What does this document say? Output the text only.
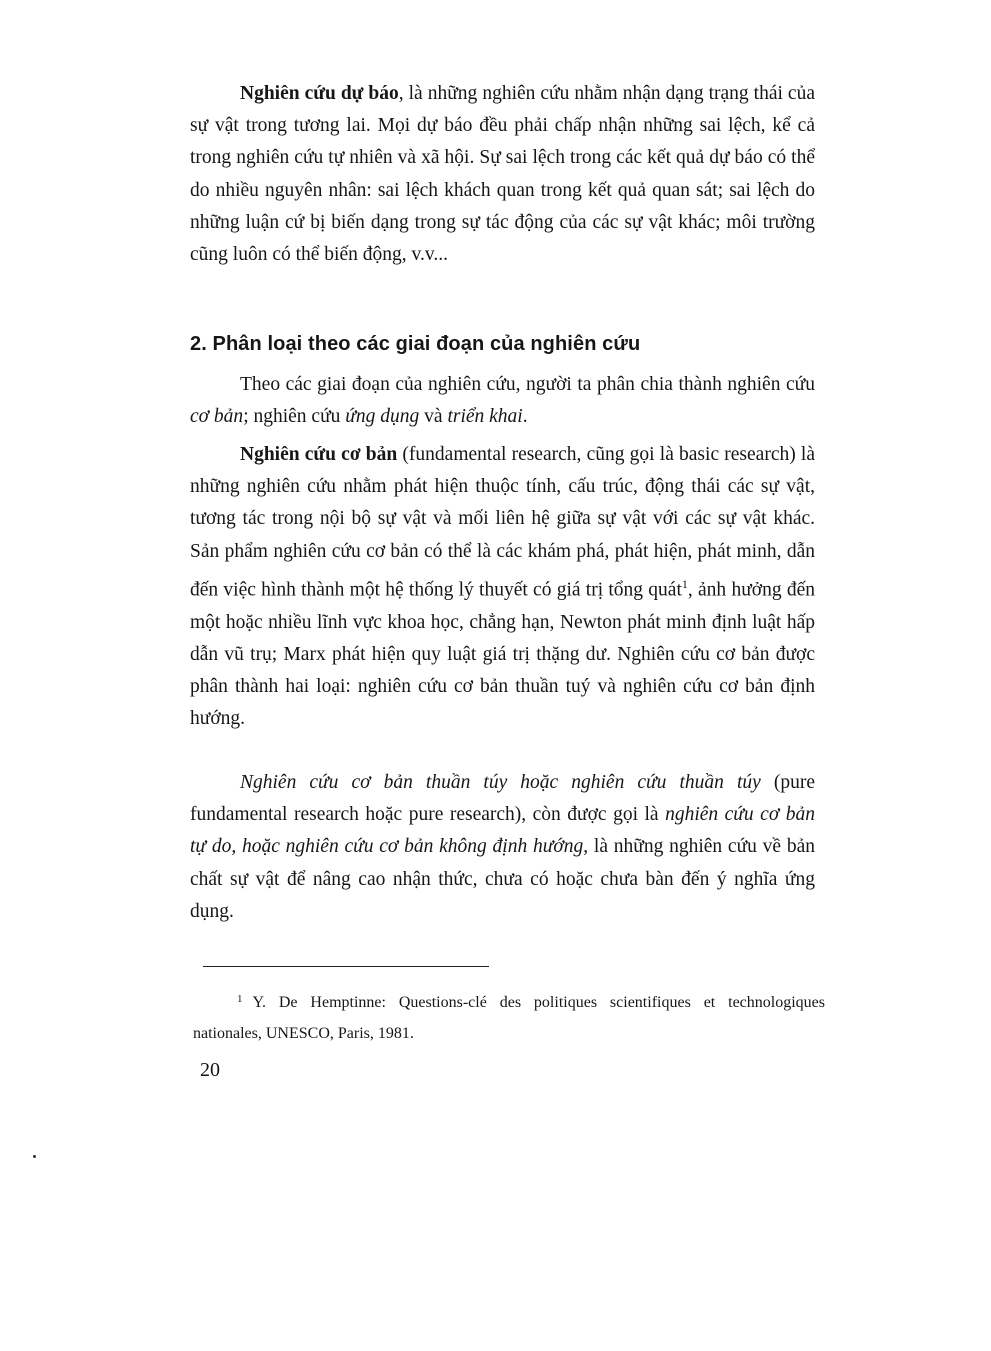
Nghiên cứu dự báo, là những nghiên cứu nhằm nhận dạng trạng thái của sự vật trong tương lai. Mọi dự báo đều phải chấp nhận những sai lệch, kể cả trong nghiên cứu tự nhiên và xã hội. Sự sai lệch trong các kết quả dự báo có thể do nhiều nguyên nhân: sai lệch khách quan trong kết quả quan sát; sai lệch do những luận cứ bị biến dạng trong sự tác động của các sự vật khác; môi trường cũng luôn có thể biến động, v.v...

2. Phân loại theo các giai đoạn của nghiên cứu

Theo các giai đoạn của nghiên cứu, người ta phân chia thành nghiên cứu cơ bản; nghiên cứu ứng dụng và triển khai.

Nghiên cứu cơ bản (fundamental research, cũng gọi là basic research) là những nghiên cứu nhằm phát hiện thuộc tính, cấu trúc, động thái các sự vật, tương tác trong nội bộ sự vật và mối liên hệ giữa sự vật với các sự vật khác. Sản phẩm nghiên cứu cơ bản có thể là các khám phá, phát hiện, phát minh, dẫn đến việc hình thành một hệ thống lý thuyết có giá trị tổng quát$^1$, ảnh hưởng đến một hoặc nhiều lĩnh vực khoa học, chẳng hạn, Newton phát minh định luật hấp dẫn vũ trụ; Marx phát hiện quy luật giá trị thặng dư. Nghiên cứu cơ bản được phân thành hai loại: nghiên cứu cơ bản thuần tuý và nghiên cứu cơ bản định hướng.

Nghiên cứu cơ bản thuần túy hoặc nghiên cứu thuần túy (pure fundamental research hoặc pure research), còn được gọi là nghiên cứu cơ bản tự do, hoặc nghiên cứu cơ bản không định hướng, là những nghiên cứu về bản chất sự vật để nâng cao nhận thức, chưa có hoặc chưa bàn đến ý nghĩa ứng dụng.

$^1$ Y. De Hemptinne: Questions-clé des politiques scientifiques et technologiques nationales, UNESCO, Paris, 1981.

20
